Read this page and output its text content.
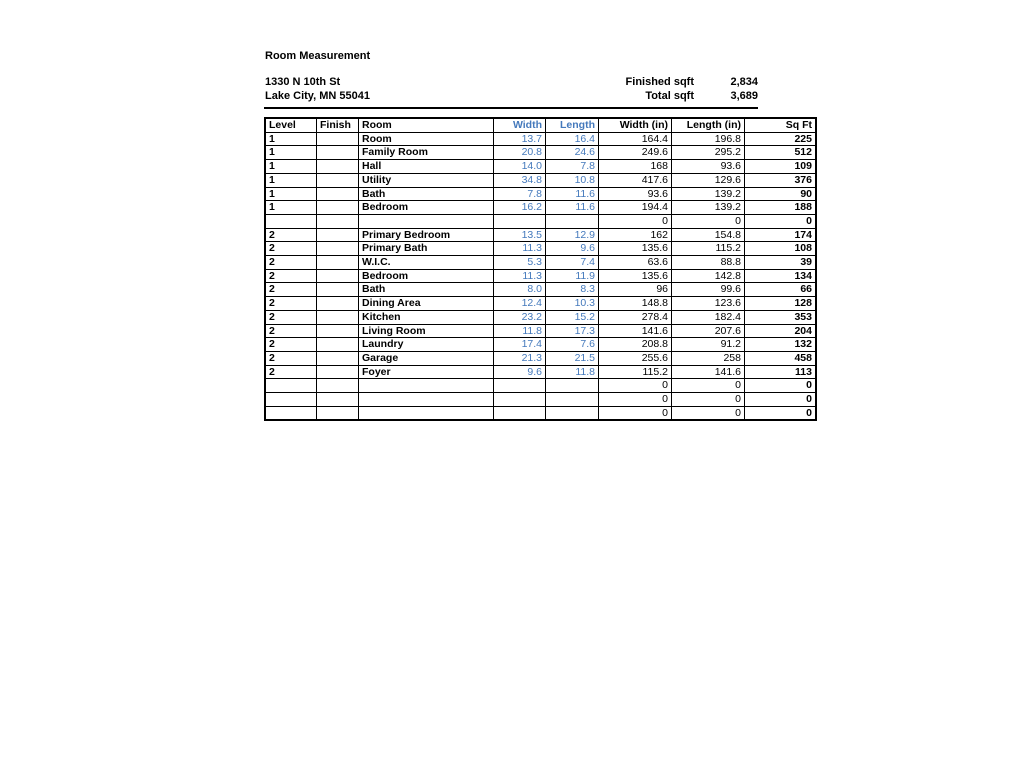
Room Measurement
1330 N 10th St
Lake City, MN 55041
Finished sqft	2,834
Total sqft	3,689
Level	Finish	Room	Width	Length	Width (in)	Length (in)	Sq Ft
1		Room	13.7	16.4	164.4	196.8	225
1		Family Room	20.8	24.6	249.6	295.2	512
1		Hall	14.0	7.8	168	93.6	109
1		Utility	34.8	10.8	417.6	129.6	376
1		Bath	7.8	11.6	93.6	139.2	90
1		Bedroom	16.2	11.6	194.4	139.2	188
					0	0	0
2		Primary Bedroom	13.5	12.9	162	154.8	174
2		Primary Bath	11.3	9.6	135.6	115.2	108
2		W.I.C.	5.3	7.4	63.6	88.8	39
2		Bedroom	11.3	11.9	135.6	142.8	134
2		Bath	8.0	8.3	96	99.6	66
2		Dining Area	12.4	10.3	148.8	123.6	128
2		Kitchen	23.2	15.2	278.4	182.4	353
2		Living Room	11.8	17.3	141.6	207.6	204
2		Laundry	17.4	7.6	208.8	91.2	132
2		Garage	21.3	21.5	255.6	258	458
2		Foyer	9.6	11.8	115.2	141.6	113
					0	0	0
					0	0	0
					0	0	0
